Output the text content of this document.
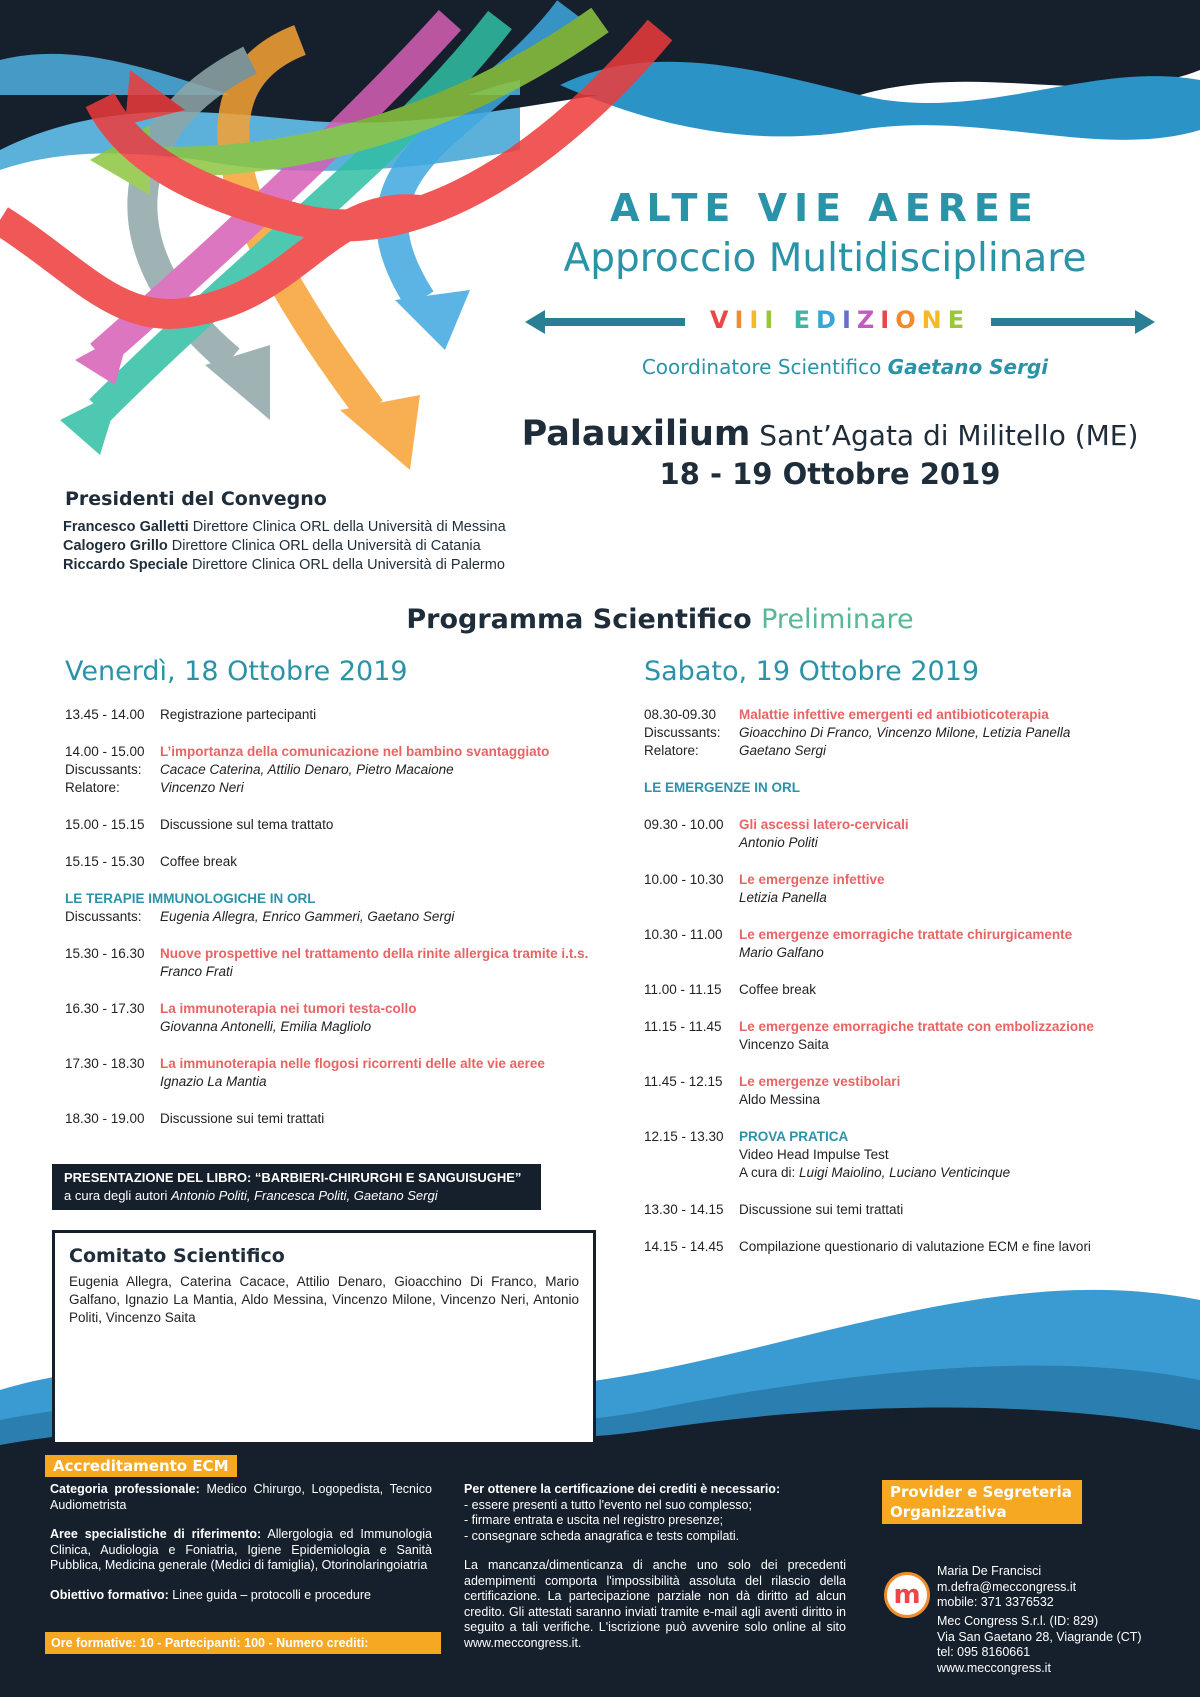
ALTE VIE AEREE
Approccio Multidisciplinare
VIII EDIZIONE
Coordinatore Scientifico Gaetano Sergi
Palauxilium Sant’Agata di Militello (ME)
18 - 19 Ottobre 2019
Presidenti del Convegno
Francesco Galletti Direttore Clinica ORL della Università di Messina
Calogero Grillo Direttore Clinica ORL della Università di Catania
Riccardo Speciale Direttore Clinica ORL della Università di Palermo
Programma Scientifico Preliminare
Venerdì, 18 Ottobre 2019
13.45 - 14.00	Registrazione partecipanti
14.00 - 15.00	L’importanza della comunicazione nel bambino svantaggiato
Discussants:	Cacace Caterina, Attilio Denaro, Pietro Macaione
Relatore:	Vincenzo Neri
15.00 - 15.15	Discussione sul tema trattato
15.15 - 15.30	Coffee break
LE TERAPIE IMMUNOLOGICHE IN ORL
Discussants:	Eugenia Allegra, Enrico Gammeri, Gaetano Sergi
15.30 - 16.30	Nuove prospettive nel trattamento della rinite allergica tramite i.t.s.
Franco Frati
16.30 - 17.30	La immunoterapia nei tumori testa-collo
Giovanna Antonelli, Emilia Magliolo
17.30 - 18.30	La immunoterapia nelle flogosi ricorrenti delle alte vie aeree
Ignazio La Mantia
18.30 - 19.00	Discussione sui temi trattati
Sabato, 19 Ottobre 2019
08.30-09.30	Malattie infettive emergenti ed antibioticoterapia
Discussants:	Gioacchino Di Franco, Vincenzo Milone, Letizia Panella
Relatore:	Gaetano Sergi
LE EMERGENZE IN ORL
09.30 - 10.00	Gli ascessi latero-cervicali
Antonio Politi
10.00 - 10.30	Le emergenze infettive
Letizia Panella
10.30 - 11.00	Le emergenze emorragiche trattate chirurgicamente
Mario Galfano
11.00 - 11.15	Coffee break
11.15 - 11.45	Le emergenze emorragiche trattate con embolizzazione
Vincenzo Saita
11.45 - 12.15	Le emergenze vestibolari
Aldo Messina
12.15 - 13.30	PROVA PRATICA
Video Head Impulse Test
A cura di: Luigi Maiolino, Luciano Venticinque
13.30 - 14.15	Discussione sui temi trattati
14.15 - 14.45	Compilazione questionario di valutazione ECM e fine lavori
PRESENTAZIONE DEL LIBRO: “BARBIERI-CHIRURGHI E SANGUISUGHE”
a cura degli autori Antonio Politi, Francesca Politi, Gaetano Sergi
Comitato Scientifico

Eugenia Allegra, Caterina Cacace, Attilio Denaro, Gioacchino Di Franco, Mario Galfano, Ignazio La Mantia, Aldo Messina, Vincenzo Milone, Vincenzo Neri, Antonio Politi, Vincenzo Saita

Accreditamento ECM
Categoria professionale: Medico Chirurgo, Logopedista, Tecnico Audiometrista
Aree specialistiche di riferimento: Allergologia ed Immunologia Clinica, Audiologia e Foniatria, Igiene Epidemiologia e Sanità Pubblica, Medicina generale (Medici di famiglia), Otorinolaringoiatria
Obiettivo formativo: Linee guida – protocolli e procedure
Ore formative: 10 - Partecipanti: 100 - Numero crediti:
Per ottenere la certificazione dei crediti è necessario:
- essere presenti a tutto l'evento nel suo complesso;
- firmare entrata e uscita nel registro presenze;
- consegnare scheda anagrafica e tests compilati.
La mancanza/dimenticanza di anche uno solo dei precedenti adempimenti comporta l'impossibilità assoluta del rilascio della certificazione. La partecipazione parziale non dà diritto ad alcun credito. Gli attestati saranno inviati tramite e-mail agli aventi diritto in seguito a tali verifiche. L'iscrizione può avvenire solo online al sito www.meccongress.it.
Provider e Segreteria
Organizzativa
Maria De Francisci
m.defra@meccongress.it
mobile: 371 3376532
m
Mec Congress S.r.l. (ID: 829)
Via San Gaetano 28, Viagrande (CT)
tel: 095 8160661
www.meccongress.it
